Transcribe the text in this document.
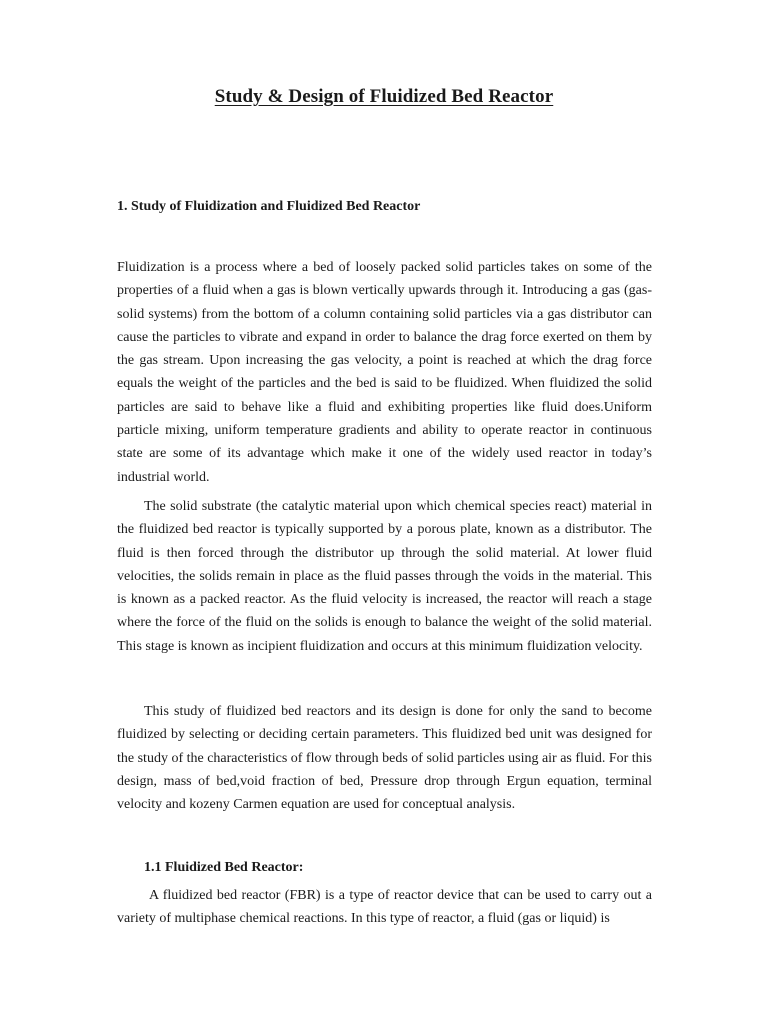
Study & Design of Fluidized Bed Reactor
1. Study of Fluidization and Fluidized Bed Reactor

Fluidization is a process where a bed of loosely packed solid particles takes on some of the properties of a fluid when a gas is blown vertically upwards through it. Introducing a gas (gas-solid systems) from the bottom of a column containing solid particles via a gas distributor can cause the particles to vibrate and expand in order to balance the drag force exerted on them by the gas stream. Upon increasing the gas velocity, a point is reached at which the drag force equals the weight of the particles and the bed is said to be fluidized. When fluidized the solid particles are said to behave like a fluid and exhibiting properties like fluid does.Uniform particle mixing, uniform temperature gradients and ability to operate reactor in continuous state are some of its advantage which make it one of the widely used reactor in today’s industrial world.

The solid substrate (the catalytic material upon which chemical species react) material in the fluidized bed reactor is typically supported by a porous plate, known as a distributor. The fluid is then forced through the distributor up through the solid material. At lower fluid velocities, the solids remain in place as the fluid passes through the voids in the material. This is known as a packed reactor. As the fluid velocity is increased, the reactor will reach a stage where the force of the fluid on the solids is enough to balance the weight of the solid material. This stage is known as incipient fluidization and occurs at this minimum fluidization velocity.

This study of fluidized bed reactors and its design is done for only the sand to become fluidized by selecting or deciding certain parameters. This fluidized bed unit was designed for the study of the characteristics of flow through beds of solid particles using air as fluid. For this design, mass of bed,void fraction of bed, Pressure drop through Ergun equation, terminal velocity and kozeny Carmen equation are used for conceptual analysis.

1.1 Fluidized Bed Reactor:

A fluidized bed reactor (FBR) is a type of reactor device that can be used to carry out a variety of multiphase chemical reactions. In this type of reactor, a fluid (gas or liquid) is
